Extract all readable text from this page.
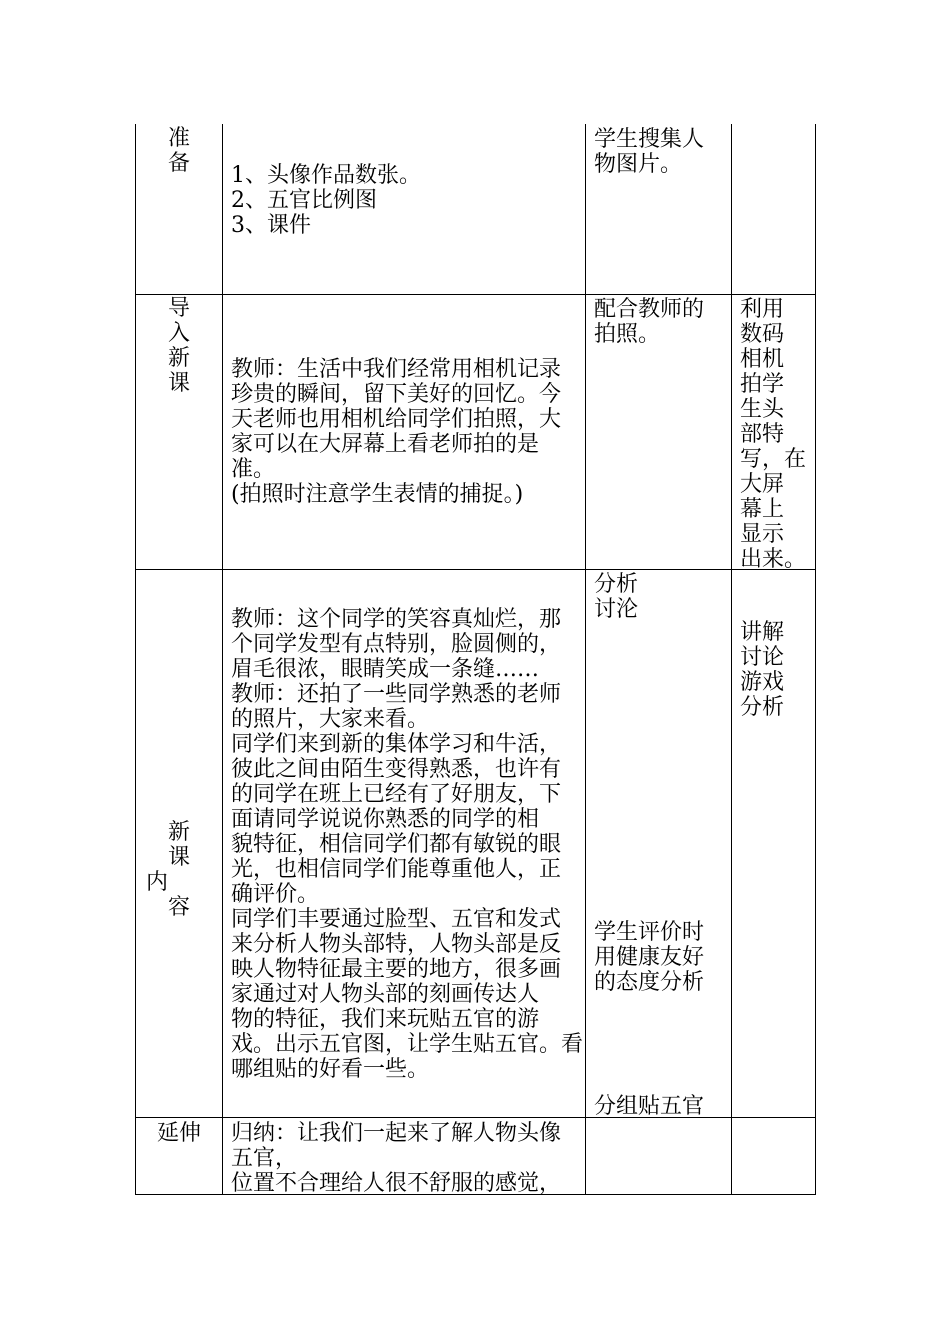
准
备	1、头像作品数张。
2、五官比例图
3、课件
学生搜集人
物图片。
导
入
新
课
教师：生活中我们经常用相机记录
珍贵的瞬间，留下美好的回忆。今
天老师也用相机给同学们拍照，大
家可以在大屏幕上看老师拍的是
准。
(拍照时注意学生表情的捕捉。)
配合教师的
拍照。
利用
数码
相机
拍学
生头
部特
写，在
大屏
幕上
显示
出来。
新
课
内
容
教师：这个同学的笑容真灿烂，那
个同学发型有点特别，脸圆侧的，
眉毛很浓，眼睛笑成一条缝……
教师：还拍了一些同学熟悉的老师
的照片，大家来看。
同学们来到新的集体学习和牛活，
彼此之间由陌生变得熟悉，也许有
的同学在班上已经有了好朋友，下
面请同学说说你熟悉的同学的相
貌特征，相信同学们都有敏锐的眼
光，也相信同学们能尊重他人，正
确评价。
同学们丰要通过脸型、五官和发式
来分析人物头部特，人物头部是反
映人物特征最主要的地方，很多画
家通过对人物头部的刻画传达人
物的特征，我们来玩贴五官的游
戏。出示五官图，让学生贴五官。看
哪组贴的好看一些。
分析
讨沦
学生评价时
用健康友好
的态度分析
分组贴五官
讲解
讨论
游戏
分析
延伸	归纳：让我们一起来了解人物头像
五官，
位置不合理给人很不舒服的感觉，
